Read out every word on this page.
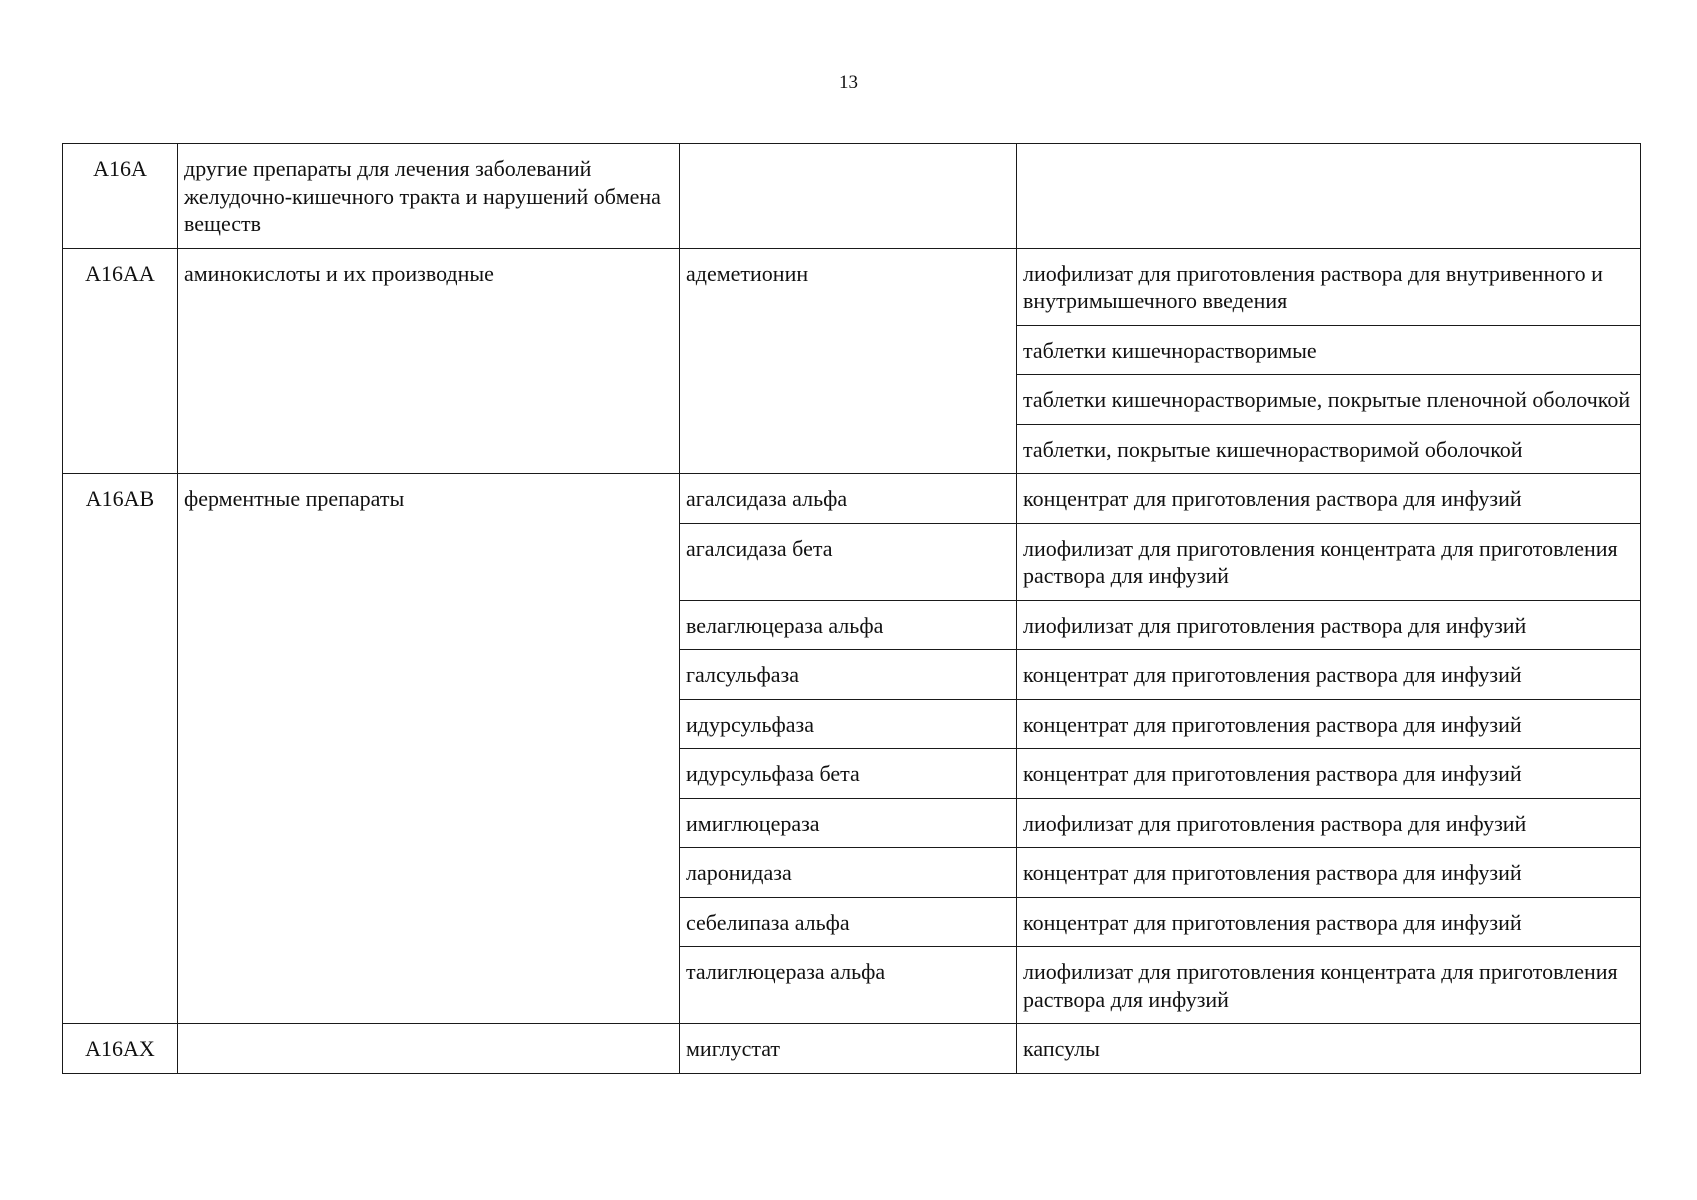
13
A16A	другие препараты для лечения заболеваний желудочно-кишечного тракта и нарушений обмена веществ		
A16AA	аминокислоты и их производные	адеметионин	лиофилизат для приготовления раствора для внутривенного и внутримышечного введения
			таблетки кишечнорастворимые
			таблетки кишечнорастворимые, покрытые пленочной оболочкой
			таблетки, покрытые кишечнорастворимой оболочкой
A16AB	ферментные препараты	агалсидаза альфа	концентрат для приготовления раствора для инфузий
		агалсидаза бета	лиофилизат для приготовления концентрата для приготовления раствора для инфузий
		велаглюцераза альфа	лиофилизат для приготовления раствора для инфузий
		галсульфаза	концентрат для приготовления раствора для инфузий
		идурсульфаза	концентрат для приготовления раствора для инфузий
		идурсульфаза бета	концентрат для приготовления раствора для инфузий
		имиглюцераза	лиофилизат для приготовления раствора для инфузий
		ларонидаза	концентрат для приготовления раствора для инфузий
		себелипаза альфа	концентрат для приготовления раствора для инфузий
		талиглюцераза альфа	лиофилизат для приготовления концентрата для приготовления раствора для инфузий
A16AX		миглустат	капсулы
